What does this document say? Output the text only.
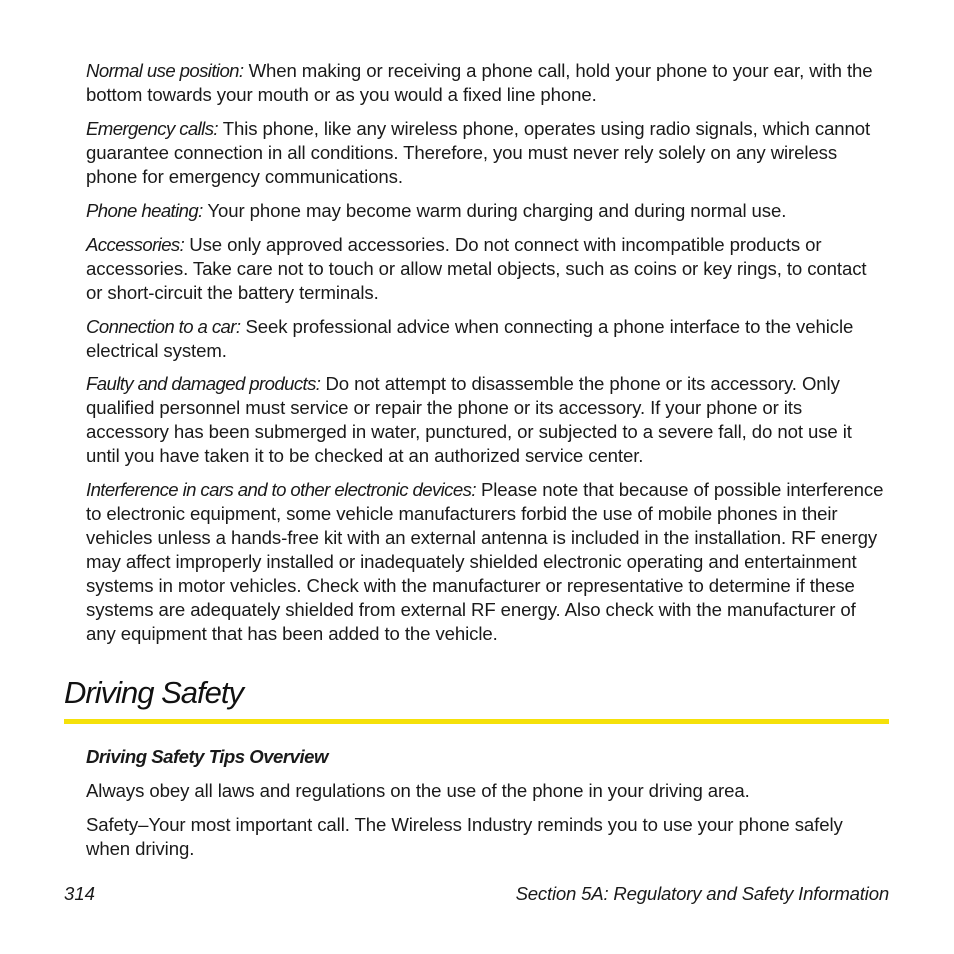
Normal use position: When making or receiving a phone call, hold your phone to your ear, with the bottom towards your mouth or as you would a fixed line phone.

Emergency calls: This phone, like any wireless phone, operates using radio signals, which cannot guarantee connection in all conditions. Therefore, you must never rely solely on any wireless phone for emergency communications.

Phone heating: Your phone may become warm during charging and during normal use.

Accessories: Use only approved accessories. Do not connect with incompatible products or accessories. Take care not to touch or allow metal objects, such as coins or key rings, to contact or short-circuit the battery terminals.

Connection to a car: Seek professional advice when connecting a phone interface to the vehicle electrical system.

Faulty and damaged products: Do not attempt to disassemble the phone or its accessory. Only qualified personnel must service or repair the phone or its accessory. If your phone or its accessory has been submerged in water, punctured, or subjected to a severe fall, do not use it until you have taken it to be checked at an authorized service center.

Interference in cars and to other electronic devices: Please note that because of possible interference to electronic equipment, some vehicle manufacturers forbid the use of mobile phones in their vehicles unless a hands-free kit with an external antenna is included in the installation. RF energy may affect improperly installed or inadequately shielded electronic operating and entertainment systems in motor vehicles. Check with the manufacturer or representative to determine if these systems are adequately shielded from external RF energy. Also check with the manufacturer of any equipment that has been added to the vehicle.

Driving Safety
Driving Safety Tips Overview

Always obey all laws and regulations on the use of the phone in your driving area.

Safety–Your most important call. The Wireless Industry reminds you to use your phone safely when driving.

314	Section 5A: Regulatory and Safety Information
